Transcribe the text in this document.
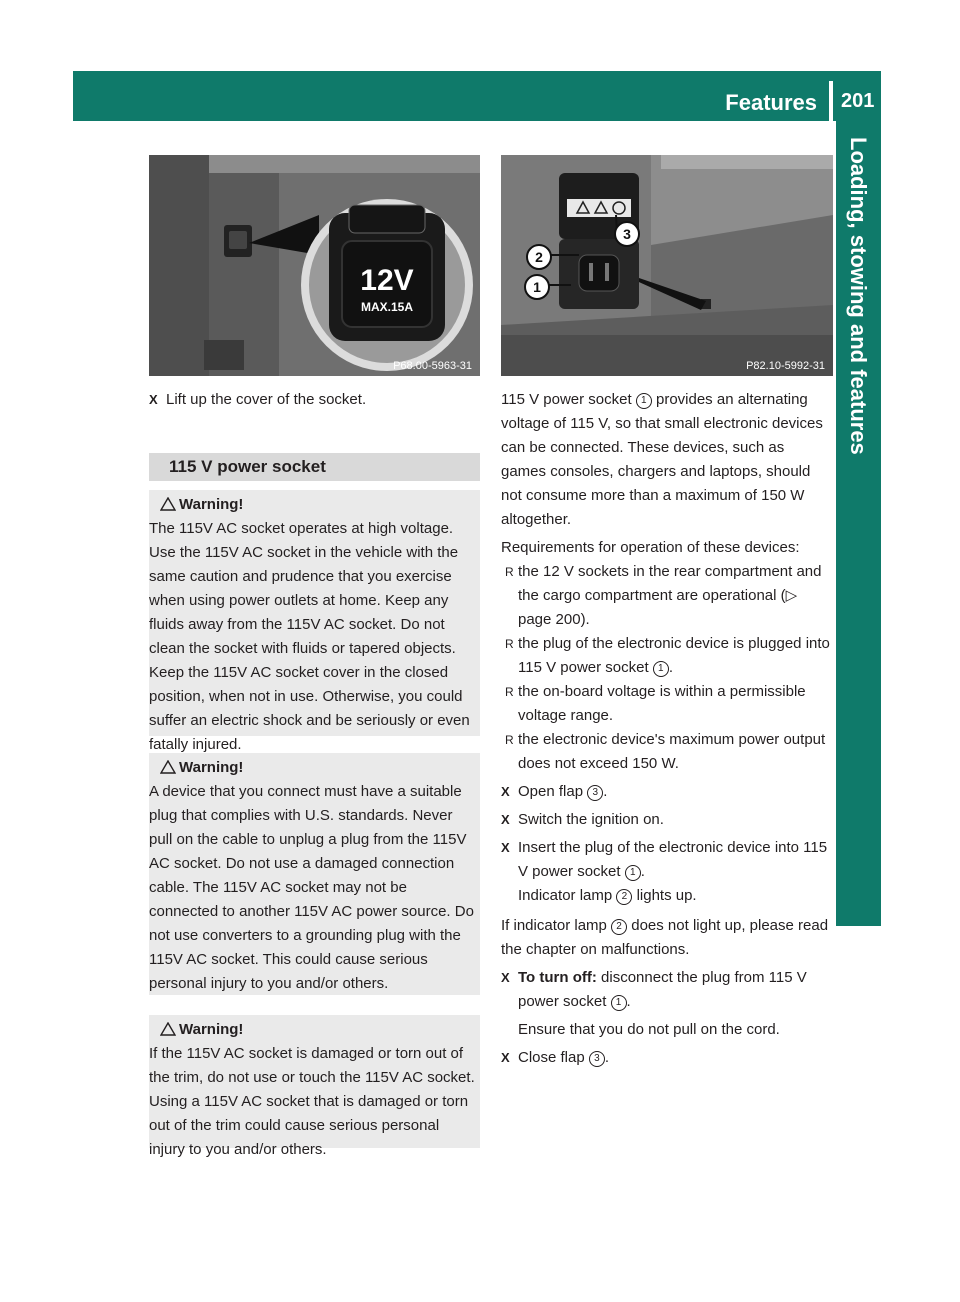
Features 201
Loading, stowing and features
12V
MAX.15A
P68.00-5963-31
2
1
3
P82.10-5992-31

X Lift up the cover of the socket.

115 V power socket
Warning!

The 115V AC socket operates at high voltage. Use the 115V AC socket in the vehicle with the same caution and prudence that you exercise when using power outlets at home. Keep any fluids away from the 115V AC socket. Do not clean the socket with fluids or tapered objects. Keep the 115V AC socket cover in the closed position, when not in use. Otherwise, you could suffer an electric shock and be seriously or even fatally injured.

Warning!

A device that you connect must have a suitable plug that complies with U.S. standards. Never pull on the cable to unplug a plug from the 115V AC socket. Do not use a damaged connection cable. The 115V AC socket may not be connected to another 115V AC power source. Do not use converters to a grounding plug with the 115V AC socket. This could cause serious personal injury to you and/or others.

Warning!

If the 115V AC socket is damaged or torn out of the trim, do not use or touch the 115V AC socket. Using a 115V AC socket that is damaged or torn out of the trim could cause serious personal injury to you and/or others.

115 V power socket 1 provides an alternating voltage of 115 V, so that small electronic devices can be connected. These devices, such as games consoles, chargers and laptops, should not consume more than a maximum of 150 W altogether.

Requirements for operation of these devices:

R the 12 V sockets in the rear compartment and the cargo compartment are operational (▷ page 200).

R the plug of the electronic device is plugged into 115 V power socket 1 .

R the on-board voltage is within a permissible voltage range.

R the electronic device's maximum power output does not exceed 150 W.

X Open flap 3 .

X Switch the ignition on.

X Insert the plug of the electronic device into 115 V power socket 1 .

Indicator lamp 2 lights up.

If indicator lamp 2 does not light up, please read the chapter on malfunctions.

X To turn off: disconnect the plug from 115 V power socket 1 .

Ensure that you do not pull on the cord.

X Close flap 3 .
